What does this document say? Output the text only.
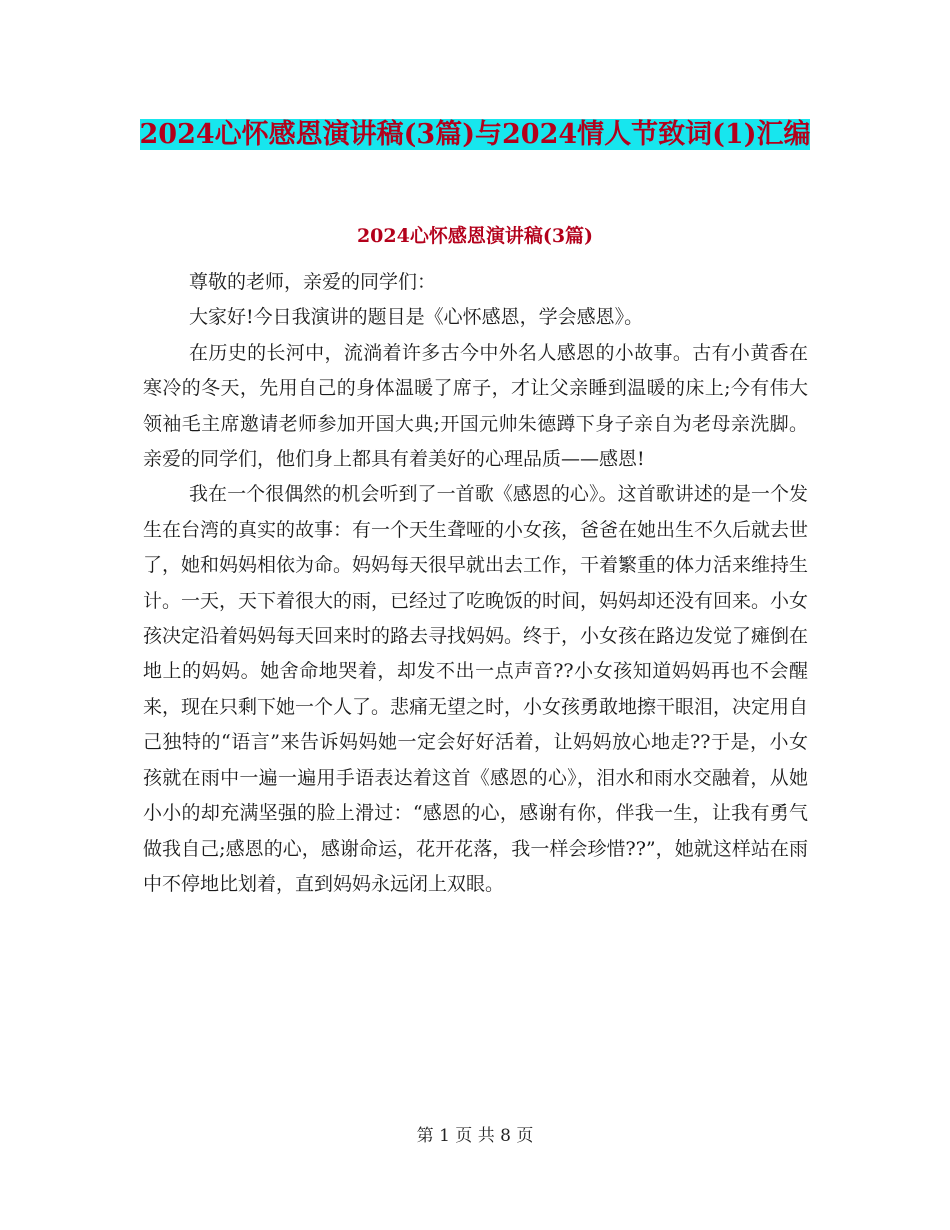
2024心怀感恩演讲稿(3篇)与2024情人节致词(1)汇编
2024心怀感恩演讲稿(3篇)

尊敬的老师，亲爱的同学们：

大家好!今日我演讲的题目是《心怀感恩，学会感恩》。

在历史的长河中，流淌着许多古今中外名人感恩的小故事。古有小黄香在寒冷的冬天，先用自己的身体温暖了席子，才让父亲睡到温暖的床上;今有伟大领袖毛主席邀请老师参加开国大典;开国元帅朱德蹲下身子亲自为老母亲洗脚。亲爱的同学们，他们身上都具有着美好的心理品质——感恩!

我在一个很偶然的机会听到了一首歌《感恩的心》。这首歌讲述的是一个发生在台湾的真实的故事：有一个天生聋哑的小女孩，爸爸在她出生不久后就去世了，她和妈妈相依为命。妈妈每天很早就出去工作，干着繁重的体力活来维持生计。一天，天下着很大的雨，已经过了吃晚饭的时间，妈妈却还没有回来。小女孩决定沿着妈妈每天回来时的路去寻找妈妈。终于，小女孩在路边发觉了瘫倒在地上的妈妈。她舍命地哭着，却发不出一点声音??小女孩知道妈妈再也不会醒来，现在只剩下她一个人了。悲痛无望之时，小女孩勇敢地擦干眼泪，决定用自己独特的“语言”来告诉妈妈她一定会好好活着，让妈妈放心地走??于是，小女孩就在雨中一遍一遍用手语表达着这首《感恩的心》，泪水和雨水交融着，从她小小的却充满坚强的脸上滑过：“感恩的心，感谢有你，伴我一生，让我有勇气做我自己;感恩的心，感谢命运，花开花落，我一样会珍惜??”，她就这样站在雨中不停地比划着，直到妈妈永远闭上双眼。

第 1 页 共 8 页
